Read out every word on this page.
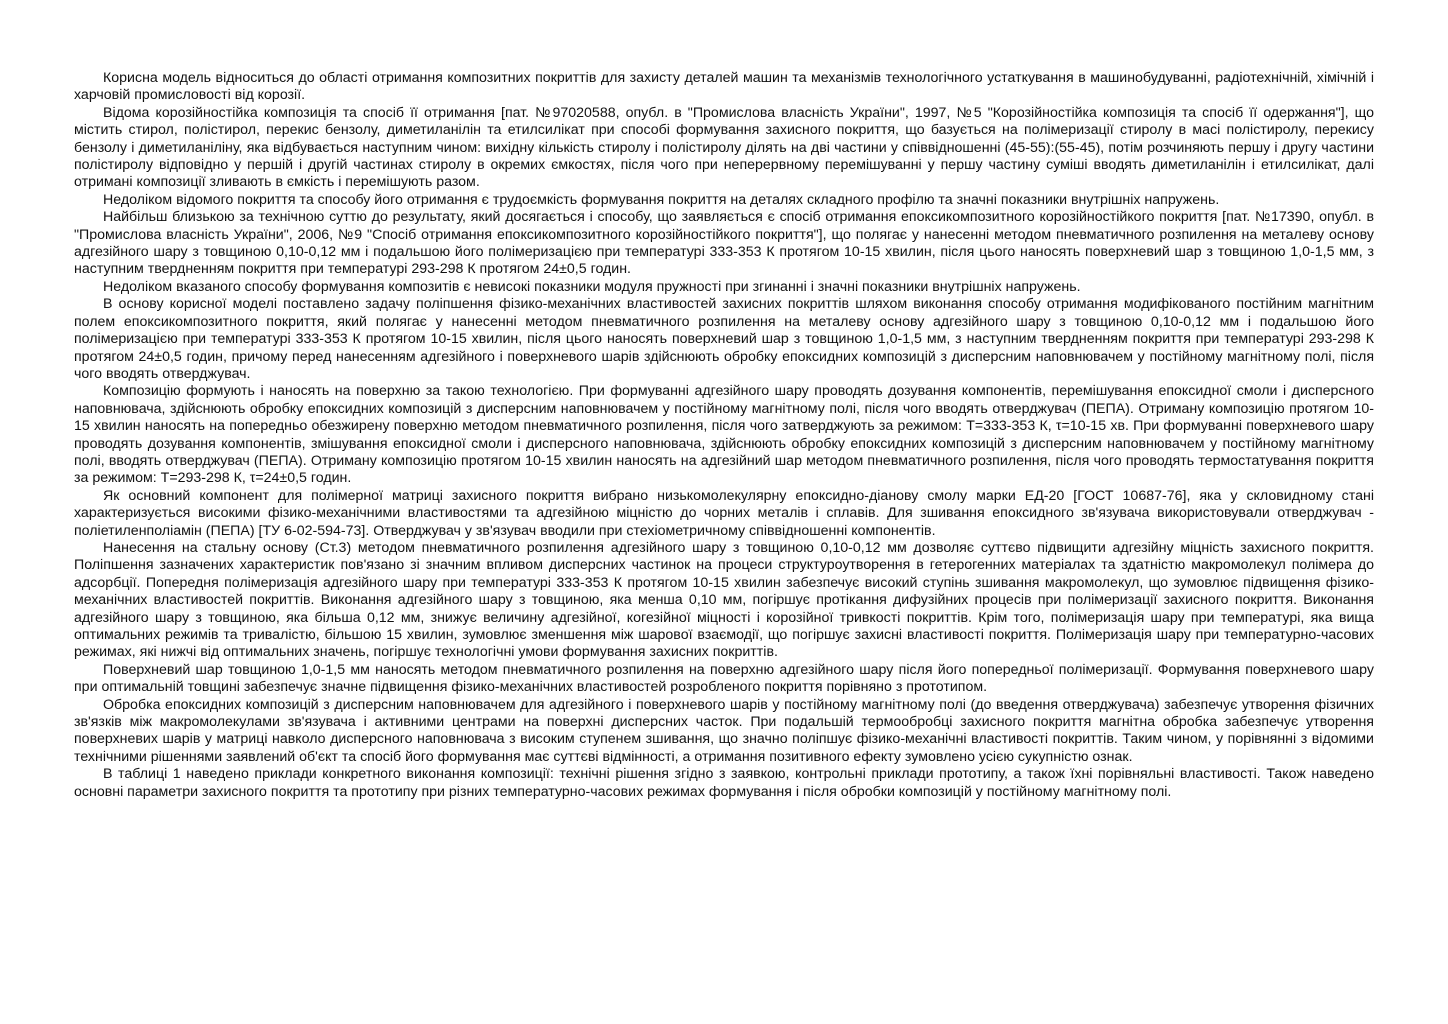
Корисна модель відноситься до області отримання композитних покриттів для захисту деталей машин та механізмів технологічного устаткування в машинобудуванні, радіотехнічній, хімічній і харчовій промисловості від корозії.

Відома корозійностійка композиція та спосіб її отримання [пат. №97020588, опубл. в "Промислова власність України", 1997, №5 "Корозійностійка композиція та спосіб її одержання"], що містить стирол, полістирол, перекис бензолу, диметиланілін та етилсилікат при способі формування захисного покриття, що базується на полімеризації стиролу в масі полістиролу, перекису бензолу і диметиланіліну, яка відбувається наступним чином: вихідну кількість стиролу і полістиролу ділять на дві частини у співвідношенні (45-55):(55-45), потім розчиняють першу і другу частини полістиролу відповідно у першій і другій частинах стиролу в окремих ємкостях, після чого при неперервному перемішуванні у першу частину суміші вводять диметиланілін і етилсилікат, далі отримані композиції зливають в ємкість і перемішують разом.

Недоліком відомого покриття та способу його отримання є трудоємкість формування покриття на деталях складного профілю та значні показники внутрішніх напружень.

Найбільш близькою за технічною суттю до результату, який досягається і способу, що заявляється є спосіб отримання епоксикомпозитного корозійностійкого покриття [пат. №17390, опубл. в "Промислова власність України", 2006, №9 "Спосіб отримання епоксикомпозитного корозійностійкого покриття"], що полягає у нанесенні методом пневматичного розпилення на металеву основу адгезійного шару з товщиною 0,10-0,12 мм і подальшою його полімеризацією при температурі 333-353 К протягом 10-15 хвилин, після цього наносять поверхневий шар з товщиною 1,0-1,5 мм, з наступним твердненням покриття при температурі 293-298 К протягом 24±0,5 годин.

Недоліком вказаного способу формування композитів є невисокі показники модуля пружності при згинанні і значні показники внутрішніх напружень.

В основу корисної моделі поставлено задачу поліпшення фізико-механічних властивостей захисних покриттів шляхом виконання способу отримання модифікованого постійним магнітним полем епоксикомпозитного покриття, який полягає у нанесенні методом пневматичного розпилення на металеву основу адгезійного шару з товщиною 0,10-0,12 мм і подальшою його полімеризацією при температурі 333-353 К протягом 10-15 хвилин, після цього наносять поверхневий шар з товщиною 1,0-1,5 мм, з наступним твердненням покриття при температурі 293-298 К протягом 24±0,5 годин, причому перед нанесенням адгезійного і поверхневого шарів здійснюють обробку епоксидних композицій з дисперсним наповнювачем у постійному магнітному полі, після чого вводять отверджувач.

Композицію формують і наносять на поверхню за такою технологією. При формуванні адгезійного шару проводять дозування компонентів, перемішування епоксидної смоли і дисперсного наповнювача, здійснюють обробку епоксидних композицій з дисперсним наповнювачем у постійному магнітному полі, після чого вводять отверджувач (ПЕПА). Отриману композицію протягом 10-15 хвилин наносять на попередньо обезжирену поверхню методом пневматичного розпилення, після чого затверджують за режимом: Т=333-353 К, τ=10-15 хв. При формуванні поверхневого шару проводять дозування компонентів, змішування епоксидної смоли і дисперсного наповнювача, здійснюють обробку епоксидних композицій з дисперсним наповнювачем у постійному магнітному полі, вводять отверджувач (ПЕПА). Отриману композицію протягом 10-15 хвилин наносять на адгезійний шар методом пневматичного розпилення, після чого проводять термостатування покриття за режимом: Т=293-298 К, τ=24±0,5 годин.

Як основний компонент для полімерної матриці захисного покриття вибрано низькомолекулярну епоксидно-діанову смолу марки ЕД-20 [ГОСТ 10687-76], яка у скловидному стані характеризується високими фізико-механічними властивостями та адгезійною міцністю до чорних металів і сплавів. Для зшивання епоксидного зв'язувача використовували отверджувач - поліетиленполіамін (ПЕПА) [ТУ 6-02-594-73]. Отверджувач у зв'язувач вводили при стехіометричному співвідношенні компонентів.

Нанесення на стальну основу (Ст.3) методом пневматичного розпилення адгезійного шару з товщиною 0,10-0,12 мм дозволяє суттєво підвищити адгезійну міцність захисного покриття. Поліпшення зазначених характеристик пов'язано зі значним впливом дисперсних частинок на процеси структуроутворення в гетерогенних матеріалах та здатністю макромолекул полімера до адсорбції. Попередня полімеризація адгезійного шару при температурі 333-353 К протягом 10-15 хвилин забезпечує високий ступінь зшивання макромолекул, що зумовлює підвищення фізико-механічних властивостей покриттів. Виконання адгезійного шару з товщиною, яка менша 0,10 мм, погіршує протікання дифузійних процесів при полімеризації захисного покриття. Виконання адгезійного шару з товщиною, яка більша 0,12 мм, знижує величину адгезійної, когезійної міцності і корозійної тривкості покриттів. Крім того, полімеризація шару при температурі, яка вища оптимальних режимів та тривалістю, більшою 15 хвилин, зумовлює зменшення між шарової взаємодії, що погіршує захисні властивості покриття. Полімеризація шару при температурно-часових режимах, які нижчі від оптимальних значень, погіршує технологічні умови формування захисних покриттів.

Поверхневий шар товщиною 1,0-1,5 мм наносять методом пневматичного розпилення на поверхню адгезійного шару після його попередньої полімеризації. Формування поверхневого шару при оптимальній товщині забезпечує значне підвищення фізико-механічних властивостей розробленого покриття порівняно з прототипом.

Обробка епоксидних композицій з дисперсним наповнювачем для адгезійного і поверхневого шарів у постійному магнітному полі (до введення отверджувача) забезпечує утворення фізичних зв'язків між макромолекулами зв'язувача і активними центрами на поверхні дисперсних часток. При подальшій термообробці захисного покриття магнітна обробка забезпечує утворення поверхневих шарів у матриці навколо дисперсного наповнювача з високим ступенем зшивання, що значно поліпшує фізико-механічні властивості покриттів. Таким чином, у порівнянні з відомими технічними рішеннями заявлений об'єкт та спосіб його формування має суттєві відмінності, а отримання позитивного ефекту зумовлено усією сукупністю ознак.

В таблиці 1 наведено приклади конкретного виконання композиції: технічні рішення згідно з заявкою, контрольні приклади прототипу, а також їхні порівняльні властивості. Також наведено основні параметри захисного покриття та прототипу при різних температурно-часових режимах формування і після обробки композицій у постійному магнітному полі.
